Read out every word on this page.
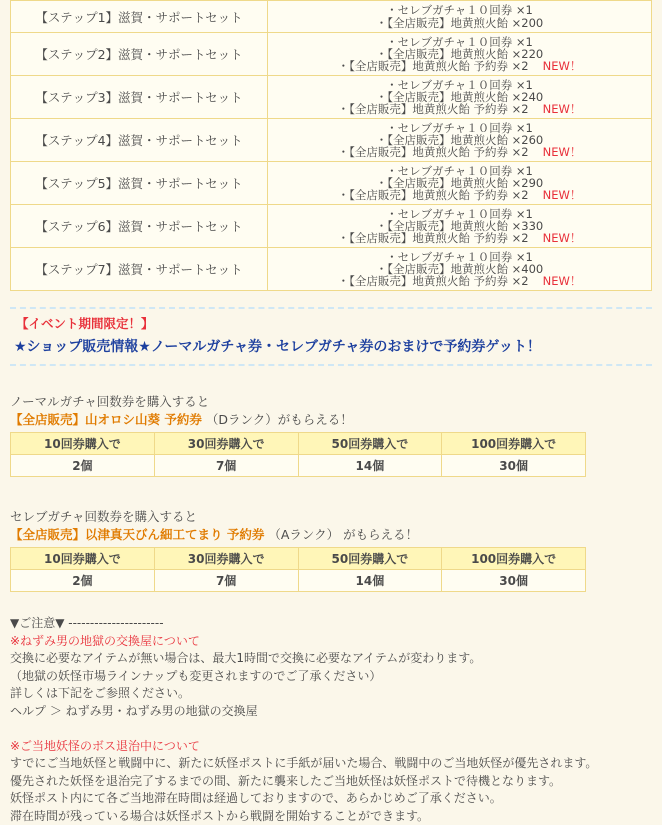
【ステップ1】滋賀・サポートセット	・セレブガチャ１０回券 ×1
・【全店販売】地黄煎火飴 ×200

【ステップ2】滋賀・サポートセット	・セレブガチャ１０回券 ×1
・【全店販売】地黄煎火飴 ×220
・【全店販売】地黄煎火飴 予約券 ×2 NEW！

【ステップ3】滋賀・サポートセット	・セレブガチャ１０回券 ×1
・【全店販売】地黄煎火飴 ×240
・【全店販売】地黄煎火飴 予約券 ×2 NEW！

【ステップ4】滋賀・サポートセット	・セレブガチャ１０回券 ×1
・【全店販売】地黄煎火飴 ×260
・【全店販売】地黄煎火飴 予約券 ×2 NEW！

【ステップ5】滋賀・サポートセット	・セレブガチャ１０回券 ×1
・【全店販売】地黄煎火飴 ×290
・【全店販売】地黄煎火飴 予約券 ×2 NEW！

【ステップ6】滋賀・サポートセット	・セレブガチャ１０回券 ×1
・【全店販売】地黄煎火飴 ×330
・【全店販売】地黄煎火飴 予約券 ×2 NEW！

【ステップ7】滋賀・サポートセット	・セレブガチャ１０回券 ×1
・【全店販売】地黄煎火飴 ×400
・【全店販売】地黄煎火飴 予約券 ×2 NEW！
【イベント期間限定！】
★ショップ販売情報★ノーマルガチャ券・セレブガチャ券のおまけで予約券ゲット！
ノーマルガチャ回数券を購入すると
【全店販売】山オロシ山葵 予約券 （Dランク）がもらえる！
10回券購入で	30回券購入で	50回券購入で	100回券購入で
2個	7個	14個	30個
セレブガチャ回数券を購入すると
【全店販売】以津真天びん細工てまり 予約券 （Aランク） がもらえる！
10回券購入で	30回券購入で	50回券購入で	100回券購入で
2個	7個	14個	30個
▼ご注意▼ ----------------------
※ねずみ男の地獄の交換屋について
交換に必要なアイテムが無い場合は、最大1時間で交換に必要なアイテムが変わります。
（地獄の妖怪市場ラインナップも変更されますのでご了承ください）
詳しくは下記をご参照ください。
ヘルプ ＞ ねずみ男・ねずみ男の地獄の交換屋
※ご当地妖怪のボス退治中について
すでにご当地妖怪と戦闘中に、新たに妖怪ポストに手紙が届いた場合、戦闘中のご当地妖怪が優先されます。
優先された妖怪を退治完了するまでの間、新たに襲来したご当地妖怪は妖怪ポストで待機となります。
妖怪ポスト内にて各ご当地滞在時間は経過しておりますので、あらかじめご了承ください。
滞在時間が残っている場合は妖怪ポストから戦闘を開始することができます。
